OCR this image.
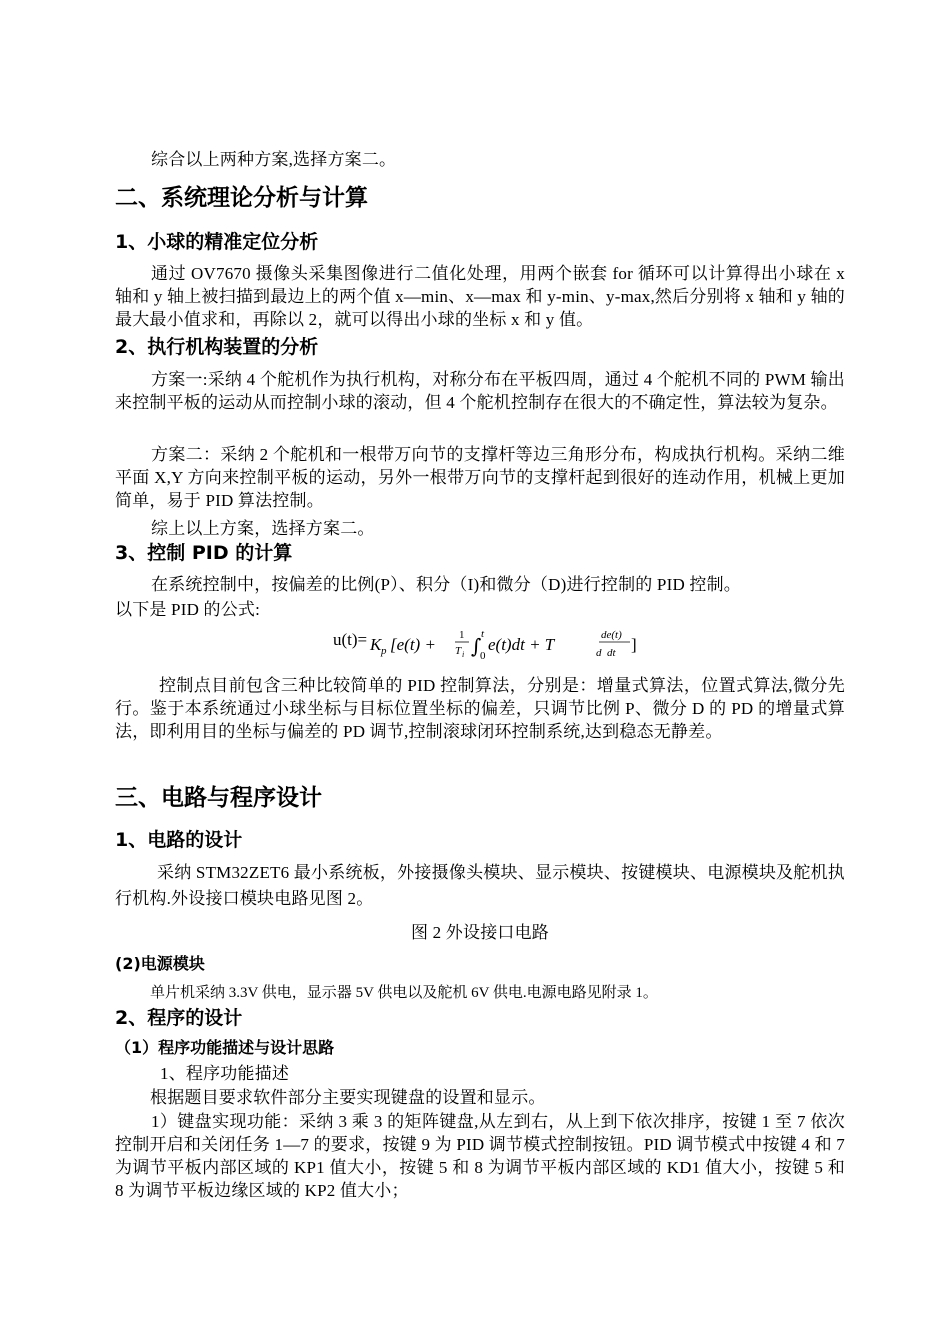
综合以上两种方案,选择方案二。

二、系统理论分析与计算

1、小球的精准定位分析

通过 OV7670 摄像头采集图像进行二值化处理，用两个嵌套 for 循环可以计算得出小球在 x 轴和 y 轴上被扫描到最边上的两个值 x—min、x—max 和 y-min、y-max,然后分别将 x 轴和 y 轴的最大最小值求和，再除以 2，就可以得出小球的坐标 x 和 y 值。

2、执行机构装置的分析

方案一:采纳 4 个舵机作为执行机构，对称分布在平板四周，通过 4 个舵机不同的 PWM 输出来控制平板的运动从而控制小球的滚动，但 4 个舵机控制存在很大的不确定性，算法较为复杂。

方案二：采纳 2 个舵机和一根带万向节的支撑杆等边三角形分布，构成执行机构。采纳二维平面 X,Y 方向来控制平板的运动，另外一根带万向节的支撑杆起到很好的连动作用，机械上更加简单，易于 PID 算法控制。

综上以上方案，选择方案二。

3、控制 PID 的计算

在系统控制中，按偏差的比例(P）、积分（I)和微分（D)进行控制的 PID 控制。

以下是 PID 的公式:

u(t)= K p [e(t) + 1
T i ∫ t
0
e(t)dt + T	d
de(t)
dt ]

控制点目前包含三种比较简单的 PID 控制算法，分别是：增量式算法，位置式算法,微分先行。鉴于本系统通过小球坐标与目标位置坐标的偏差，只调节比例 P、微分 D 的 PD 的增量式算法，即利用目的坐标与偏差的 PD 调节,控制滚球闭环控制系统,达到稳态无静差。

三、电路与程序设计

1、电路的设计

采纳 STM32ZET6 最小系统板，外接摄像头模块、显示模块、按键模块、电源模块及舵机执行机构.外设接口模块电路见图 2。

图 2 外设接口电路

(2)电源模块

单片机采纳 3.3V 供电，显示器 5V 供电以及舵机 6V 供电.电源电路见附录 1。

2、程序的设计

（1）程序功能描述与设计思路

1、程序功能描述

根据题目要求软件部分主要实现键盘的设置和显示。

1）键盘实现功能：采纳 3 乘 3 的矩阵键盘,从左到右，从上到下依次排序，按键 1 至 7 依次控制开启和关闭任务 1—7 的要求，按键 9 为 PID 调节模式控制按钮。PID 调节模式中按键 4 和 7 为调节平板内部区域的 KP1 值大小，按键 5 和 8 为调节平板内部区域的 KD1 值大小，按键 5 和 8 为调节平板边缘区域的 KP2 值大小；
